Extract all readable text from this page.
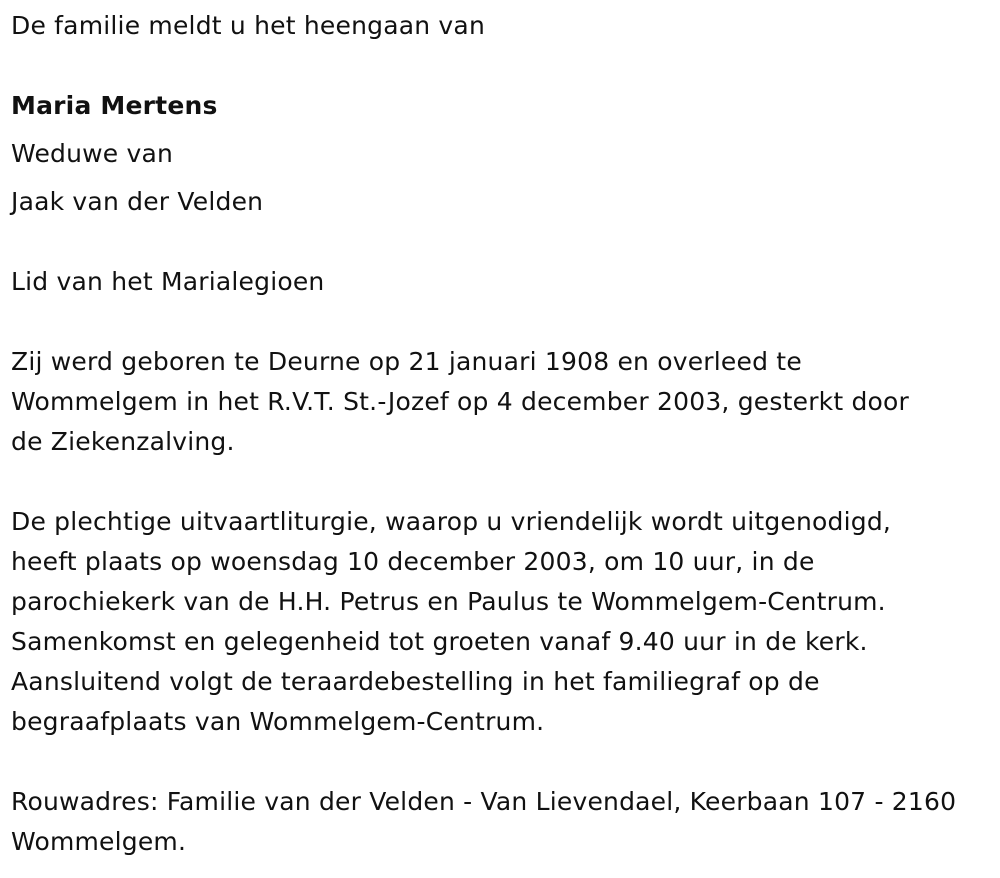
De familie meldt u het heengaan van

Maria Mertens

Weduwe van

Jaak van der Velden

Lid van het Marialegioen

Zij werd geboren te Deurne op 21 januari 1908 en overleed te

Wommelgem in het R.V.T. St.-Jozef op 4 december 2003, gesterkt door

de Ziekenzalving.

De plechtige uitvaartliturgie, waarop u vriendelijk wordt uitgenodigd,

heeft plaats op woensdag 10 december 2003, om 10 uur, in de

parochiekerk van de H.H. Petrus en Paulus te Wommelgem-Centrum.

Samenkomst en gelegenheid tot groeten vanaf 9.40 uur in de kerk.

Aansluitend volgt de teraardebestelling in het familiegraf op de

begraafplaats van Wommelgem-Centrum.

Rouwadres: Familie van der Velden - Van Lievendael, Keerbaan 107 - 2160

Wommelgem.
